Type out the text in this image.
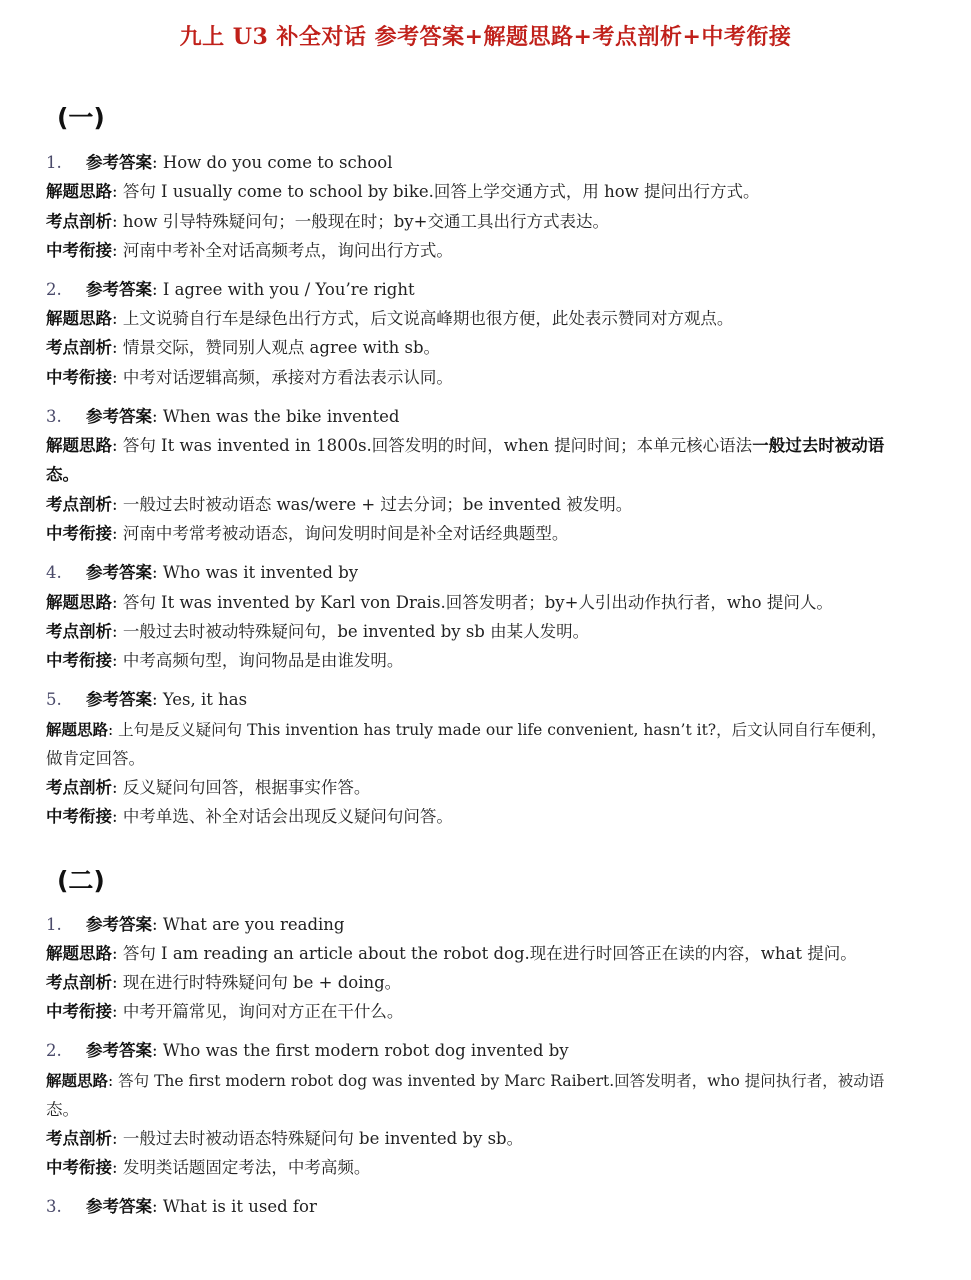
九上 U3 补全对话 参考答案+解题思路+考点剖析+中考衔接
(一)
1. 参考答案: How do you come to school
解题思路: 答句 I usually come to school by bike.回答上学交通方式，用 how 提问出行方式。
考点剖析: how 引导特殊疑问句；一般现在时；by+交通工具出行方式表达。
中考衔接: 河南中考补全对话高频考点，询问出行方式。
2. 参考答案: I agree with you / You’re right
解题思路: 上文说骑自行车是绿色出行方式，后文说高峰期也很方便，此处表示赞同对方观点。
考点剖析: 情景交际，赞同别人观点 agree with sb。
中考衔接: 中考对话逻辑高频，承接对方看法表示认同。
3. 参考答案: When was the bike invented
解题思路: 答句 It was invented in 1800s.回答发明的时间，when 提问时间；本单元核心语法一般过去时被动语
态。
考点剖析: 一般过去时被动语态 was/were + 过去分词；be invented 被发明。
中考衔接: 河南中考常考被动语态，询问发明时间是补全对话经典题型。
4. 参考答案: Who was it invented by
解题思路: 答句 It was invented by Karl von Drais.回答发明者；by+人引出动作执行者，who 提问人。
考点剖析: 一般过去时被动特殊疑问句，be invented by sb 由某人发明。
中考衔接: 中考高频句型，询问物品是由谁发明。
5. 参考答案: Yes, it has
解题思路: 上句是反义疑问句 This invention has truly made our life convenient, hasn’t it?，后文认同自行车便利，
做肯定回答。
考点剖析: 反义疑问句回答，根据事实作答。
中考衔接: 中考单选、补全对话会出现反义疑问句问答。
(二)
1. 参考答案: What are you reading
解题思路: 答句 I am reading an article about the robot dog.现在进行时回答正在读的内容，what 提问。
考点剖析: 现在进行时特殊疑问句 be + doing。
中考衔接: 中考开篇常见，询问对方正在干什么。
2. 参考答案: Who was the first modern robot dog invented by
解题思路: 答句 The first modern robot dog was invented by Marc Raibert.回答发明者，who 提问执行者，被动语
态。
考点剖析: 一般过去时被动语态特殊疑问句 be invented by sb。
中考衔接: 发明类话题固定考法，中考高频。
3. 参考答案: What is it used for
